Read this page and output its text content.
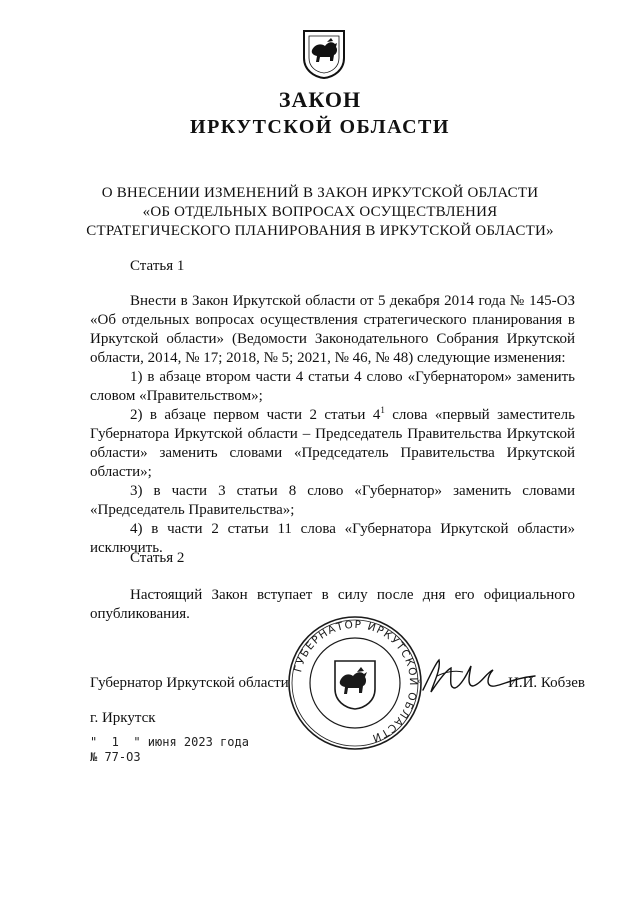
ЗАКОН
ИРКУТСКОЙ ОБЛАСТИ
О ВНЕСЕНИИ ИЗМЕНЕНИЙ В ЗАКОН ИРКУТСКОЙ ОБЛАСТИ
«ОБ ОТДЕЛЬНЫХ ВОПРОСАХ ОСУЩЕСТВЛЕНИЯ
СТРАТЕГИЧЕСКОГО ПЛАНИРОВАНИЯ В ИРКУТСКОЙ ОБЛАСТИ»
Статья 1

Внести в Закон Иркутской области от 5 декабря 2014 года № 145-ОЗ «Об отдельных вопросах осуществления стратегического планирования в Иркутской области» (Ведомости Законодательного Собрания Иркутской области, 2014, № 17; 2018, № 5; 2021, № 46, № 48) следующие изменения:

1) в абзаце втором части 4 статьи 4 слово «Губернатором» заменить словом «Правительством»;

2) в абзаце первом части 2 статьи $4^1$ слова «первый заместитель Губернатора Иркутской области – Председатель Правительства Иркутской области» заменить словами «Председатель Правительства Иркутской области»;

3) в части 3 статьи 8 слово «Губернатор» заменить словами «Председатель Правительства»;

4) в части 2 статьи 11 слова «Губернатора Иркутской области» исключить.

Статья 2

Настоящий Закон вступает в силу после дня его официального опубликования.

ГУБЕРНАТОР ИРКУТСКОЙ ОБЛАСТИ
Губернатор Иркутской области	И.И. Кобзев
г. Иркутск
"  1  " июня 2023 года
№ 77-ОЗ
